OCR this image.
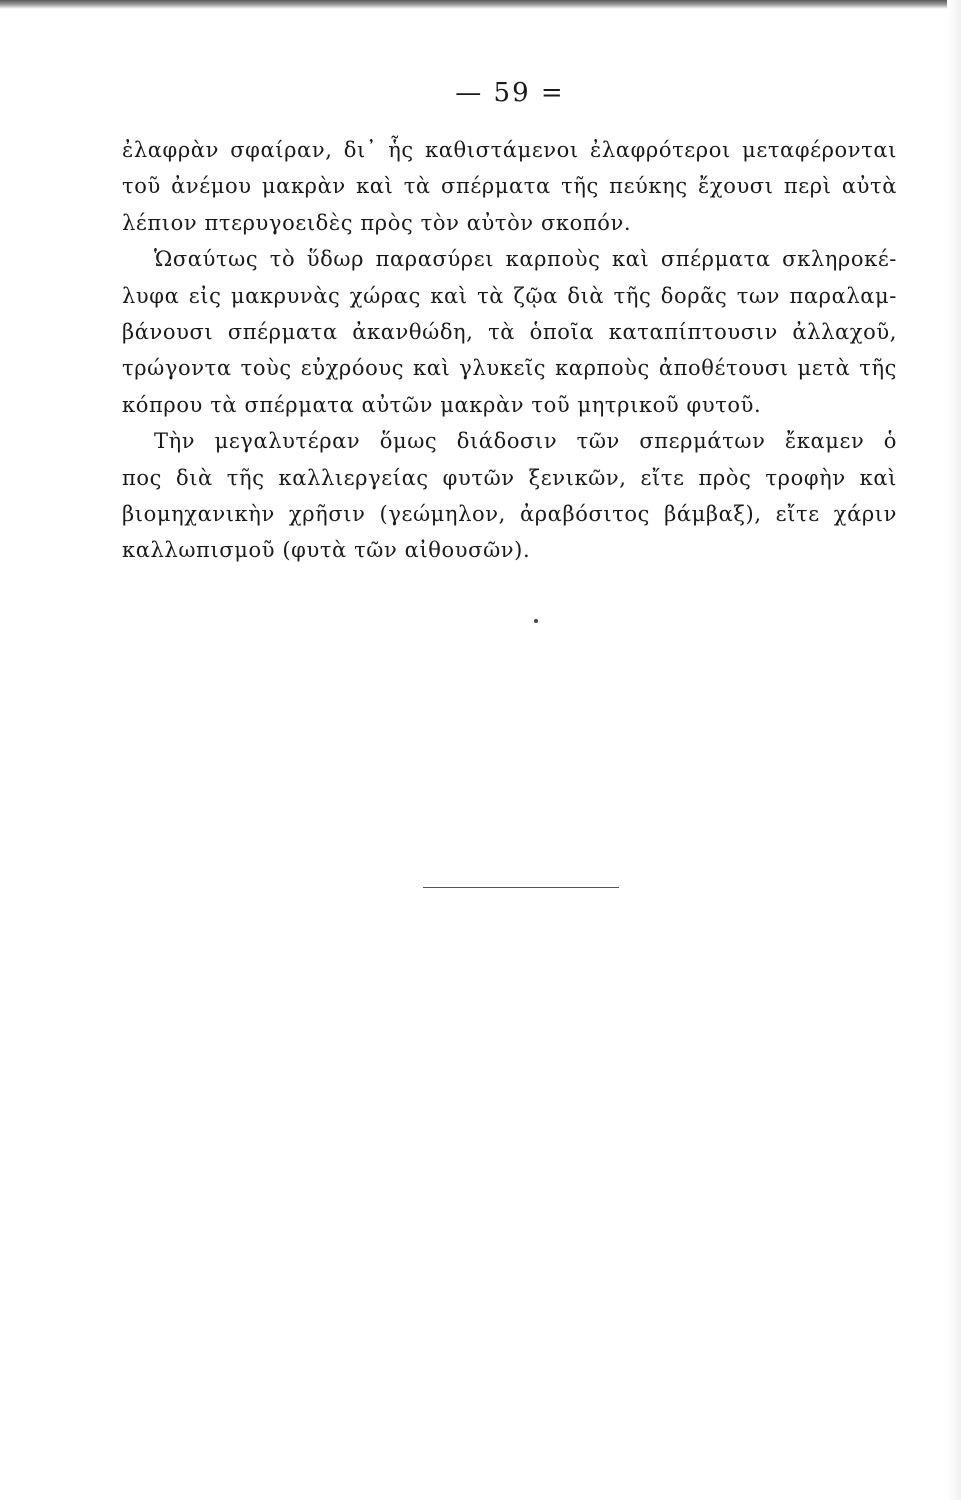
— 59 =
ἐλαφρὰν σφαίραν, δι᾽ ἧς καθιστάμενοι ἐλαφρότεροι μεταφέρονται
τοῦ ἀνέμου μακρὰν καὶ τὰ σπέρματα τῆς πεύκης ἔχουσι περὶ αὐτὰ
λέπιον πτερυγοειδὲς πρὸς τὸν αὐτὸν σκοπόν.
Ὡσαύτως τὸ ὕδωρ παρασύρει καρποὺς καὶ σπέρματα σκληροκέ-
λυφα εἰς μακρυνὰς χώρας καὶ τὰ ζῷα διὰ τῆς δορᾶς των παραλαμ-
βάνουσι σπέρματα ἀκανθώδη, τὰ ὁποῖα καταπίπτουσιν ἀλλαχοῦ,
τρώγοντα τοὺς εὐχρόους καὶ γλυκεῖς καρποὺς ἀποθέτουσι μετὰ τῆς
κόπρου τὰ σπέρματα αὐτῶν μακρὰν τοῦ μητρικοῦ φυτοῦ.
Τὴν μεγαλυτέραν ὅμως διάδοσιν τῶν σπερμάτων ἔκαμεν ὁ
πος διὰ τῆς καλλιεργείας φυτῶν ξενικῶν, εἴτε πρὸς τροφὴν καὶ
βιομηχανικὴν χρῆσιν (γεώμηλον, ἀραβόσιτος βάμβαξ), εἴτε χάριν
καλλωπισμοῦ (φυτὰ τῶν αἰθουσῶν).
